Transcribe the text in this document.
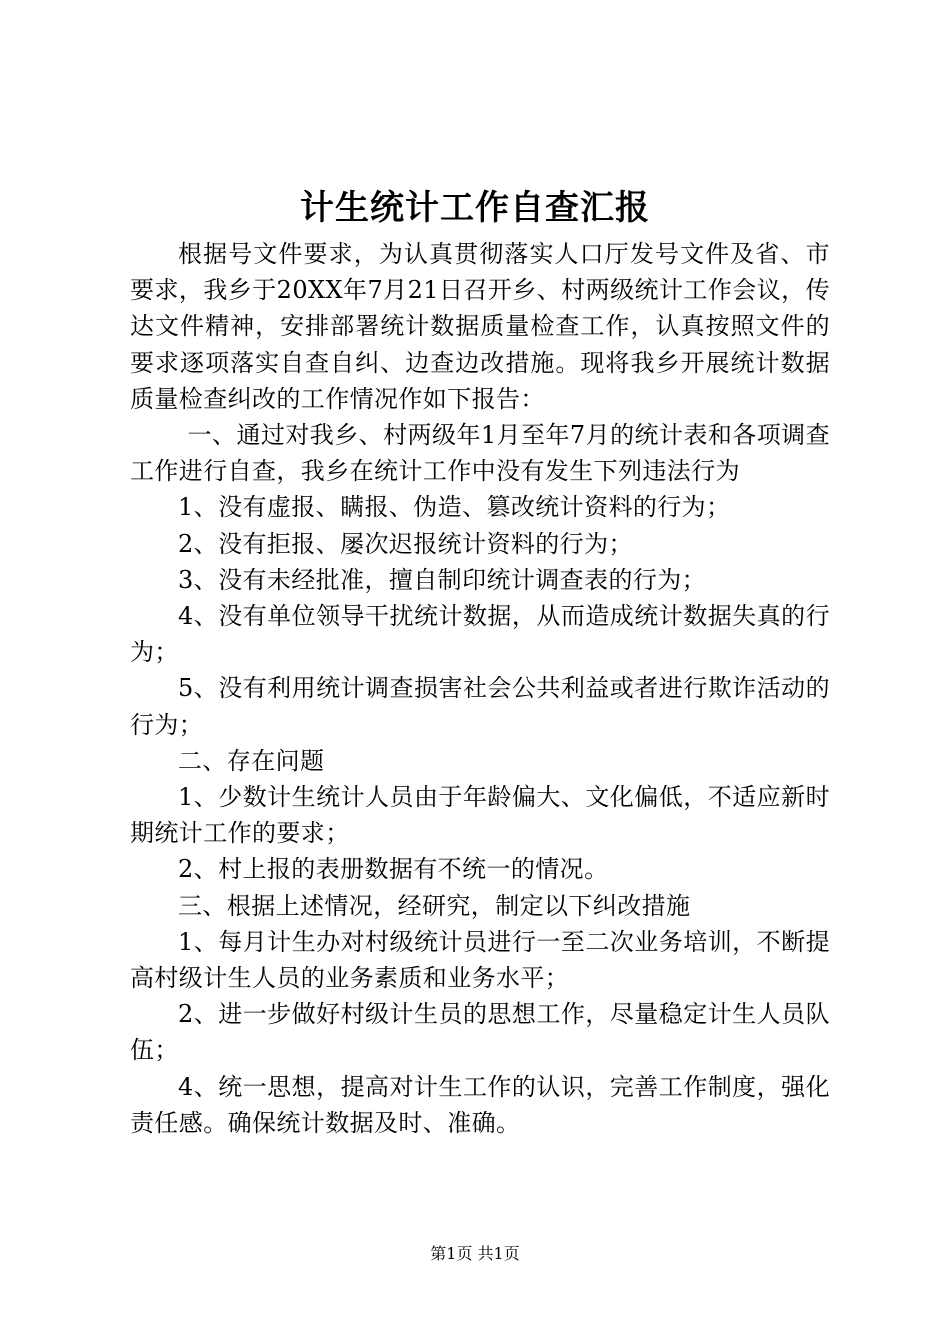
计生统计工作自查汇报

根据号文件要求，为认真贯彻落实人口厅发号文件及省、市要求，我乡于20XX年7月21日召开乡、村两级统计工作会议，传达文件精神，安排部署统计数据质量检查工作，认真按照文件的要求逐项落实自查自纠、边查边改措施。现将我乡开展统计数据质量检查纠改的工作情况作如下报告：

一、通过对我乡、村两级年1月至年7月的统计表和各项调查工作进行自查，我乡在统计工作中没有发生下列违法行为

1、没有虚报、瞒报、伪造、篡改统计资料的行为；

2、没有拒报、屡次迟报统计资料的行为；

3、没有未经批准，擅自制印统计调查表的行为；

4、没有单位领导干扰统计数据，从而造成统计数据失真的行为；

5、没有利用统计调查损害社会公共利益或者进行欺诈活动的行为；

二、存在问题

1、少数计生统计人员由于年龄偏大、文化偏低，不适应新时期统计工作的要求；

2、村上报的表册数据有不统一的情况。

三、根据上述情况，经研究，制定以下纠改措施

1、每月计生办对村级统计员进行一至二次业务培训，不断提高村级计生人员的业务素质和业务水平；

2、进一步做好村级计生员的思想工作，尽量稳定计生人员队伍；

4、统一思想，提高对计生工作的认识，完善工作制度，强化责任感。确保统计数据及时、准确。

第1页 共1页
